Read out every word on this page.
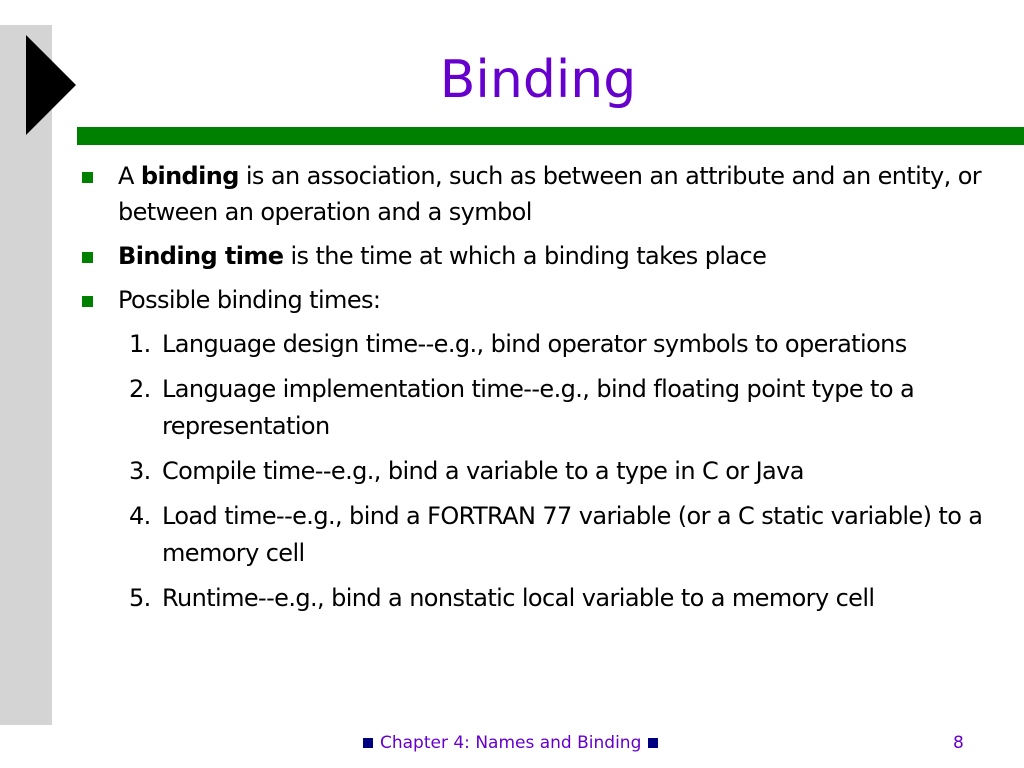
Binding
A binding is an association, such as between an attribute and an entity, or between an operation and a symbol
Binding time is the time at which a binding takes place
Possible binding times:
1. Language design time--e.g., bind operator symbols to operations
2. Language implementation time--e.g., bind floating point type to a representation
3. Compile time--e.g., bind a variable to a type in C or Java
4. Load time--e.g., bind a FORTRAN 77 variable (or a C static variable) to a memory cell
5. Runtime--e.g., bind a nonstatic local variable to a memory cell
Chapter 4: Names and Binding	8
